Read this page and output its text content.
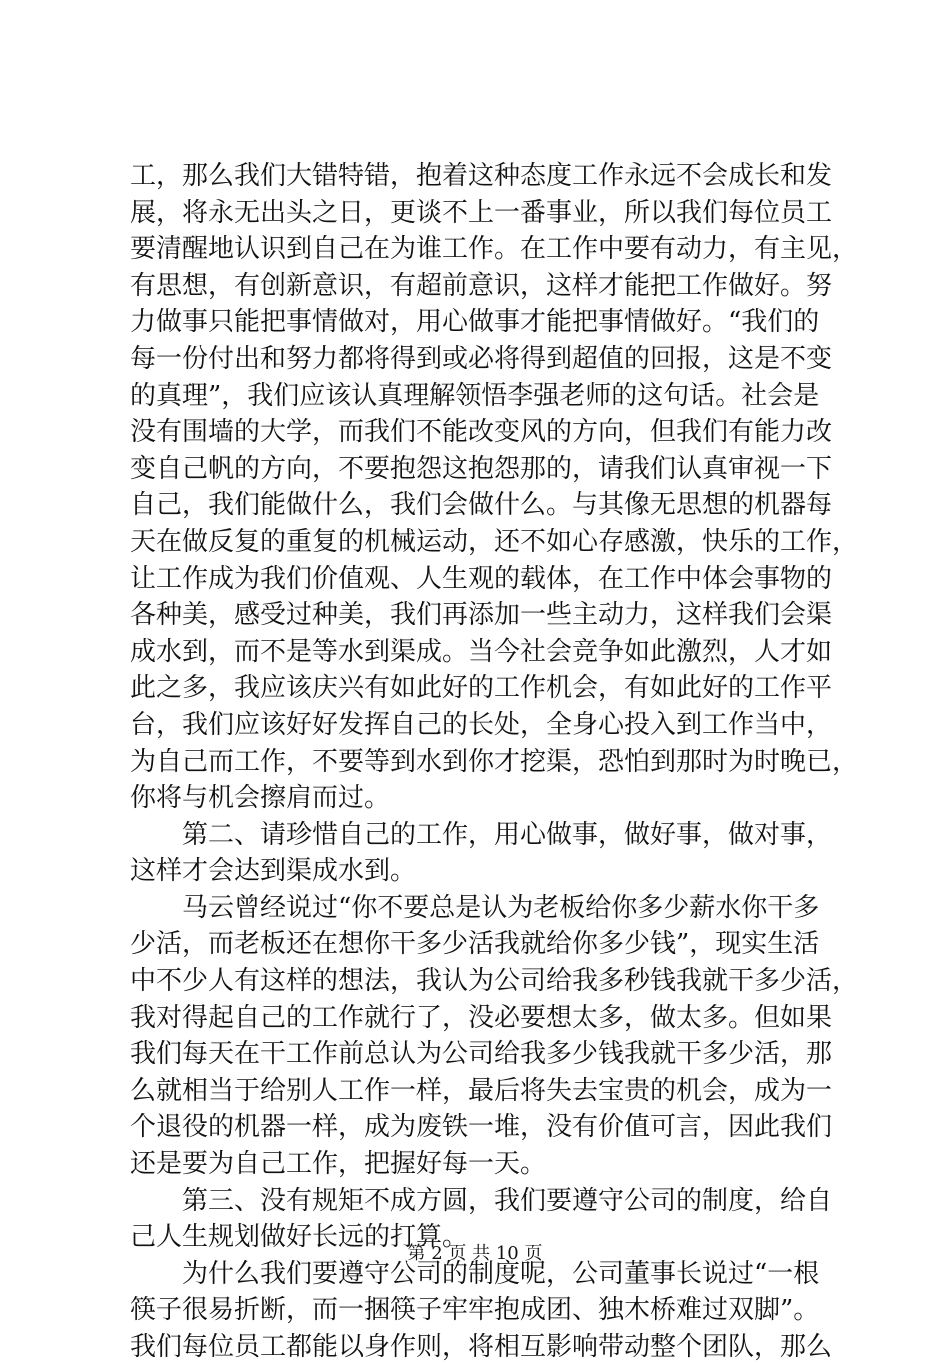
工，那么我们大错特错，抱着这种态度工作永远不会成长和发
展，将永无出头之日，更谈不上一番事业，所以我们每位员工
要清醒地认识到自己在为谁工作。在工作中要有动力，有主见，
有思想，有创新意识，有超前意识，这样才能把工作做好。努
力做事只能把事情做对，用心做事才能把事情做好。“我们的
每一份付出和努力都将得到或必将得到超值的回报，这是不变
的真理”，我们应该认真理解领悟李强老师的这句话。社会是
没有围墙的大学，而我们不能改变风的方向，但我们有能力改
变自己帆的方向，不要抱怨这抱怨那的，请我们认真审视一下
自己，我们能做什么，我们会做什么。与其像无思想的机器每
天在做反复的重复的机械运动，还不如心存感激，快乐的工作，
让工作成为我们价值观、人生观的载体，在工作中体会事物的
各种美，感受过种美，我们再添加一些主动力，这样我们会渠
成水到，而不是等水到渠成。当今社会竞争如此激烈，人才如
此之多，我应该庆兴有如此好的工作机会，有如此好的工作平
台，我们应该好好发挥自己的长处，全身心投入到工作当中，
为自己而工作，不要等到水到你才挖渠，恐怕到那时为时晚已，
你将与机会擦肩而过。
第二、请珍惜自己的工作，用心做事，做好事，做对事，
这样才会达到渠成水到。
马云曾经说过“你不要总是认为老板给你多少薪水你干多
少活，而老板还在想你干多少活我就给你多少钱”，现实生活
中不少人有这样的想法，我认为公司给我多秒钱我就干多少活，
我对得起自己的工作就行了，没必要想太多，做太多。但如果
我们每天在干工作前总认为公司给我多少钱我就干多少活，那
么就相当于给别人工作一样，最后将失去宝贵的机会，成为一
个退役的机器一样，成为废铁一堆，没有价值可言，因此我们
还是要为自己工作，把握好每一天。
第三、没有规矩不成方圆，我们要遵守公司的制度，给自
己人生规划做好长远的打算。
为什么我们要遵守公司的制度呢，公司董事长说过“一根
筷子很易折断，而一捆筷子牢牢抱成团、独木桥难过双脚”。
我们每位员工都能以身作则，将相互影响带动整个团队，那么
第 2 页 共 10 页
